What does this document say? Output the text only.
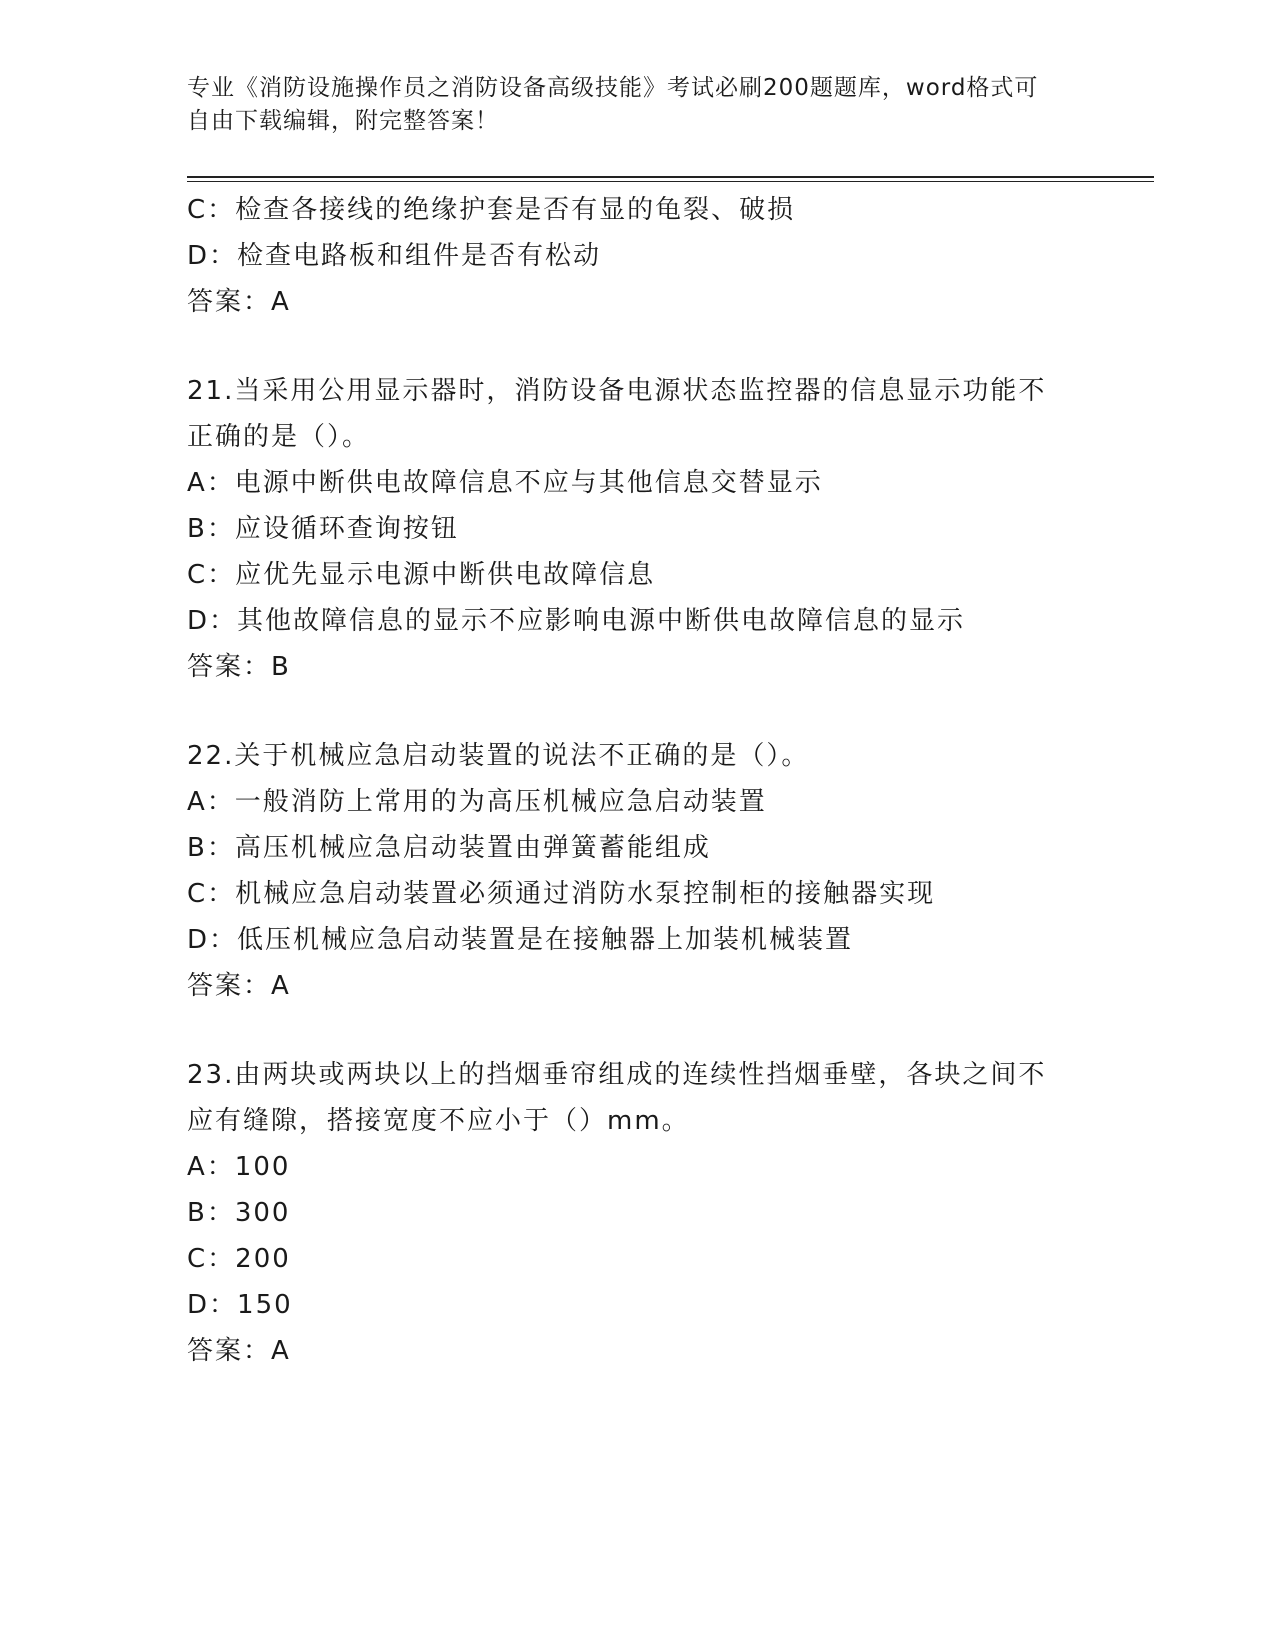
专业《消防设施操作员之消防设备高级技能》考试必刷200题题库，word格式可
自由下载编辑，附完整答案！
C：检查各接线的绝缘护套是否有显的龟裂、破损
D：检查电路板和组件是否有松动
答案：A
21.当采用公用显示器时，消防设备电源状态监控器的信息显示功能不
正确的是（）。
A：电源中断供电故障信息不应与其他信息交替显示
B：应设循环查询按钮
C：应优先显示电源中断供电故障信息
D：其他故障信息的显示不应影响电源中断供电故障信息的显示
答案：B
22.关于机械应急启动装置的说法不正确的是（）。
A：一般消防上常用的为高压机械应急启动装置
B：高压机械应急启动装置由弹簧蓄能组成
C：机械应急启动装置必须通过消防水泵控制柜的接触器实现
D：低压机械应急启动装置是在接触器上加装机械装置
答案：A
23.由两块或两块以上的挡烟垂帘组成的连续性挡烟垂壁，各块之间不
应有缝隙，搭接宽度不应小于（）mm。
A：100
B：300
C：200
D：150
答案：A
